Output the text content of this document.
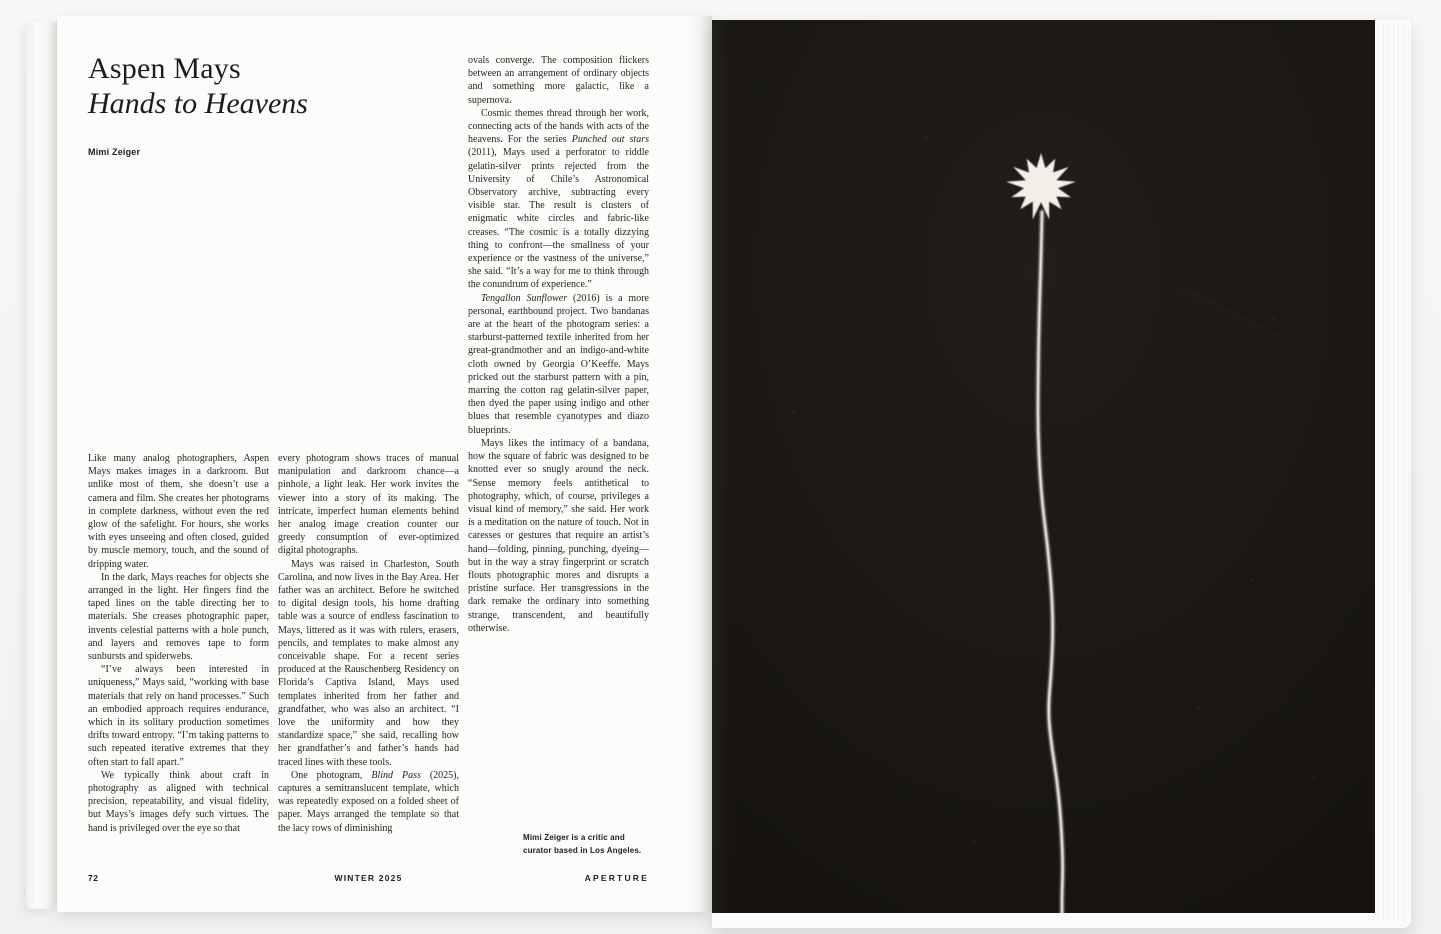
Aspen Mays
Hands to Heavens
Mimi Zeiger

Like many analog photographers, Aspen Mays makes images in a darkroom. But unlike most of them, she doesn’t use a camera and film. She creates her photograms in complete darkness, without even the red glow of the safelight. For hours, she works with eyes unseeing and often closed, guided by muscle memory, touch, and the sound of dripping water.

In the dark, Mays reaches for objects she arranged in the light. Her fingers find the taped lines on the table directing her to materials. She creases photographic paper, invents celestial patterns with a hole punch, and layers and removes tape to form sunbursts and spiderwebs.

“I’ve always been interested in uniqueness,” Mays said, “working with base materials that rely on hand processes.” Such an embodied approach requires endurance, which in its solitary production sometimes drifts toward entropy. “I’m taking patterns to such repeated iterative extremes that they often start to fall apart.”

We typically think about craft in photography as aligned with technical precision, repeatability, and visual fidelity, but Mays’s images defy such virtues. The hand is privileged over the eye so that

every photogram shows traces of manual manipulation and darkroom chance—a pinhole, a light leak. Her work invites the viewer into a story of its making. The intricate, imperfect human elements behind her analog image creation counter our greedy consumption of ever-optimized digital photographs.

Mays was raised in Charleston, South Carolina, and now lives in the Bay Area. Her father was an architect. Before he switched to digital design tools, his home drafting table was a source of endless fascination to Mays, littered as it was with rulers, erasers, pencils, and templates to make almost any conceivable shape. For a recent series produced at the Rauschenberg Residency on Florida’s Captiva Island, Mays used templates inherited from her father and grandfather, who was also an architect. “I love the uniformity and how they standardize space,” she said, recalling how her grandfather’s and father’s hands had traced lines with these tools.

One photogram, Blind Pass (2025), captures a semitranslucent template, which was repeatedly exposed on a folded sheet of paper. Mays arranged the template so that the lacy rows of diminishing

ovals converge. The composition flickers between an arrangement of ordinary objects and something more galactic, like a supernova.

Cosmic themes thread through her work, connecting acts of the hands with acts of the heavens. For the series Punched out stars (2011), Mays used a perforator to riddle gelatin-silver prints rejected from the University of Chile’s Astronomical Observatory archive, subtracting every visible star. The result is clusters of enigmatic white circles and fabric-like creases. “The cosmic is a totally dizzying thing to confront—the smallness of your experience or the vastness of the universe,” she said. “It’s a way for me to think through the conundrum of experience.”

Tengallon Sunflower (2016) is a more personal, earthbound project. Two bandanas are at the heart of the photogram series: a starburst-patterned textile inherited from her great-grandmother and an indigo-and-white cloth owned by Georgia O’Keeffe. Mays pricked out the starburst pattern with a pin, marring the cotton rag gelatin-silver paper, then dyed the paper using indigo and other blues that resemble cyanotypes and diazo blueprints.

Mays likes the intimacy of a bandana, how the square of fabric was designed to be knotted ever so snugly around the neck. “Sense memory feels antithetical to photography, which, of course, privileges a visual kind of memory,” she said. Her work is a meditation on the nature of touch. Not in caresses or gestures that require an artist’s hand—folding, pinning, punching, dyeing—but in the way a stray fingerprint or scratch flouts photographic mores and disrupts a pristine surface. Her transgressions in the dark remake the ordinary into something strange, transcendent, and beautifully otherwise.

Mimi Zeiger is a critic and curator based in Los Angeles.
72	WINTER 2025	APERTURE
